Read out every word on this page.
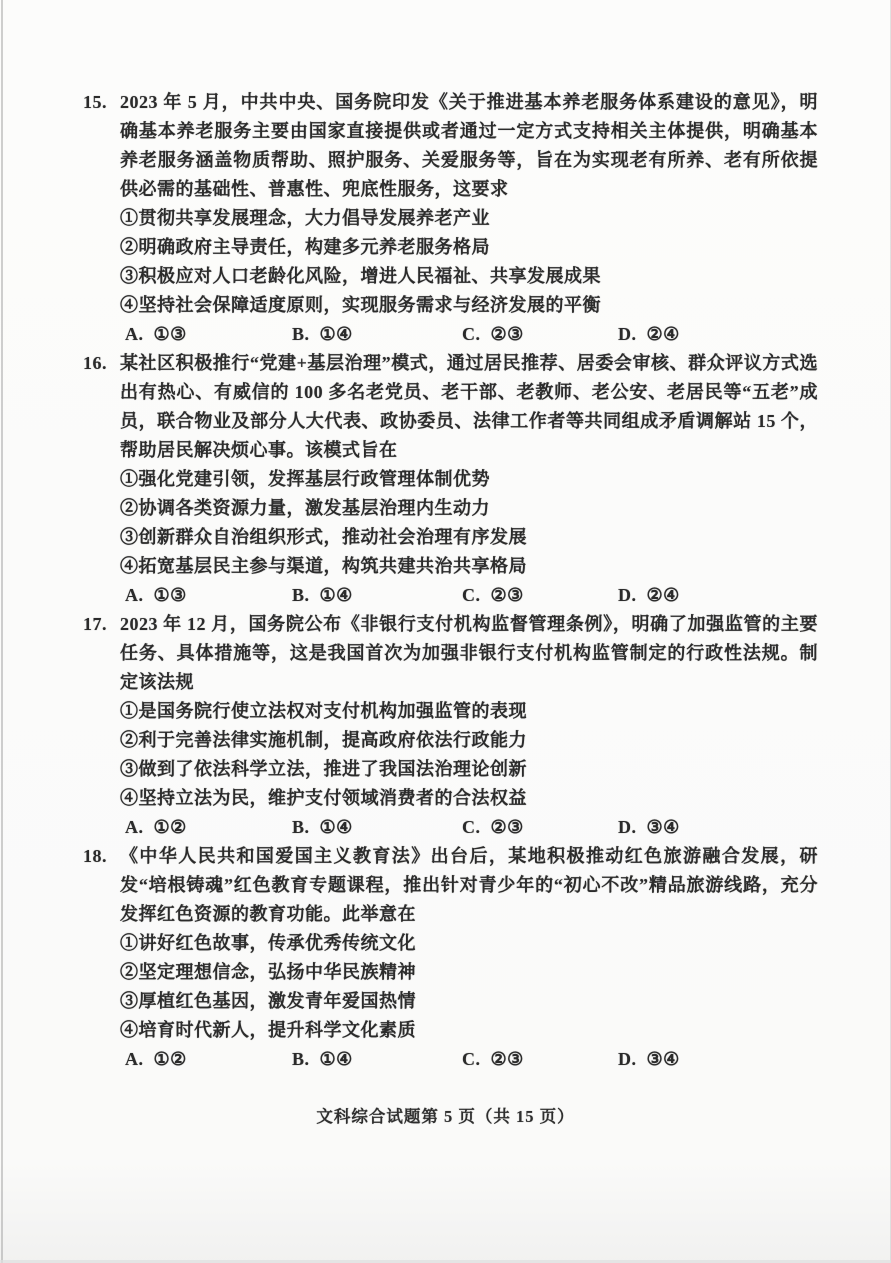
15. 2023 年 5 月，中共中央、国务院印发《关于推进基本养老服务体系建设的意见》，明确基本养老服务主要由国家直接提供或者通过一定方式支持相关主体提供，明确基本养老服务涵盖物质帮助、照护服务、关爱服务等，旨在为实现老有所养、老有所依提供必需的基础性、普惠性、兜底性服务，这要求

①贯彻共享发展理念，大力倡导发展养老产业

②明确政府主导责任，构建多元养老服务格局

③积极应对人口老龄化风险，增进人民福祉、共享发展成果

④坚持社会保障适度原则，实现服务需求与经济发展的平衡

A. ①③	B. ①④	C. ②③	D. ②④
16. 某社区积极推行“党建+基层治理”模式，通过居民推荐、居委会审核、群众评议方式选出有热心、有威信的 100 多名老党员、老干部、老教师、老公安、老居民等“五老”成员，联合物业及部分人大代表、政协委员、法律工作者等共同组成矛盾调解站 15 个，帮助居民解决烦心事。该模式旨在

①强化党建引领，发挥基层行政管理体制优势

②协调各类资源力量，激发基层治理内生动力

③创新群众自治组织形式，推动社会治理有序发展

④拓宽基层民主参与渠道，构筑共建共治共享格局

A. ①③	B. ①④	C. ②③	D. ②④
17. 2023 年 12 月，国务院公布《非银行支付机构监督管理条例》，明确了加强监管的主要任务、具体措施等，这是我国首次为加强非银行支付机构监管制定的行政性法规。制定该法规

①是国务院行使立法权对支付机构加强监管的表现

②利于完善法律实施机制，提高政府依法行政能力

③做到了依法科学立法，推进了我国法治理论创新

④坚持立法为民，维护支付领域消费者的合法权益

A. ①②	B. ①④	C. ②③	D. ③④
18. 《中华人民共和国爱国主义教育法》出台后，某地积极推动红色旅游融合发展，研发“培根铸魂”红色教育专题课程，推出针对青少年的“初心不改”精品旅游线路，充分发挥红色资源的教育功能。此举意在

①讲好红色故事，传承优秀传统文化

②坚定理想信念，弘扬中华民族精神

③厚植红色基因，激发青年爱国热情

④培育时代新人，提升科学文化素质

A. ①②	B. ①④	C. ②③	D. ③④
文科综合试题第 5 页（共 15 页）
